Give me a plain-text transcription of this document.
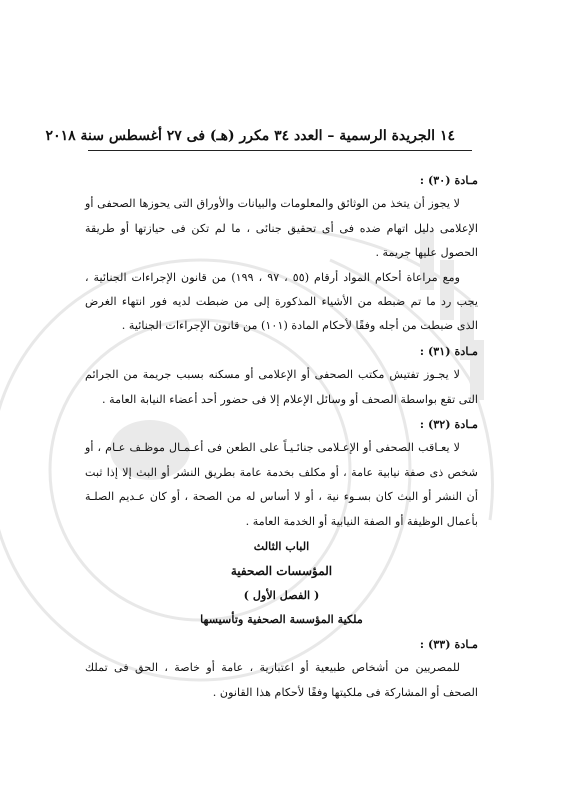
١٤ الجريدة الرسمية – العدد ٣٤ مكرر (هـ) فى ٢٧ أغسطس سنة ٢٠١٨

مـادة (٣٠) :

لا يجوز أن يتخذ من الوثائق والمعلومات والبيانات والأوراق التى يحوزها الصحفى أو الإعلامى دليل اتهام ضده فى أى تحقيق جنائى ، ما لم تكن فى حيازتها أو طريقة الحصول عليها جريمة .

ومع مراعاة أحكام المواد أرقام (٥٥ ، ٩٧ ، ١٩٩) من قانون الإجراءات الجنائية ، يجب رد ما تم ضبطه من الأشياء المذكورة إلى من ضبطت لديه فور انتهاء الغرض الذى ضبطت من أجله وفقًا لأحكام المادة (١٠١) من قانون الإجراءات الجنائية .

مـادة (٣١) :

لا يجـوز تفتيش مكتب الصحفى أو الإعلامى أو مسكنه بسبب جريمة من الجرائم التى تقع بواسطة الصحف أو وسائل الإعلام إلا فى حضور أحد أعضاء النيابة العامة .

مـادة (٣٢) :

لا يعـاقب الصحفى أو الإعـلامى جنائـيـاً على الطعن فى أعـمـال موظـف عـام ، أو شخص ذى صفة نيابية عامة ، أو مكلف بخدمة عامة بطريق النشر أو البث إلا إذا ثبت أن النشر أو البث كان بسـوء نية ، أو لا أساس له من الصحة ، أو كان عـديم الصلـة بأعمال الوظيفة أو الصفة النيابية أو الخدمة العامة .

الباب الثالث

المؤسسات الصحفية

( الفصل الأول )

ملكية المؤسسة الصحفية وتأسيسها

مـادة (٣٣) :

للمصريين من أشخاص طبيعية أو اعتبارية ، عامة أو خاصة ، الحق فى تملك الصحف أو المشاركة فى ملكيتها وفقًا لأحكام هذا القانون .
